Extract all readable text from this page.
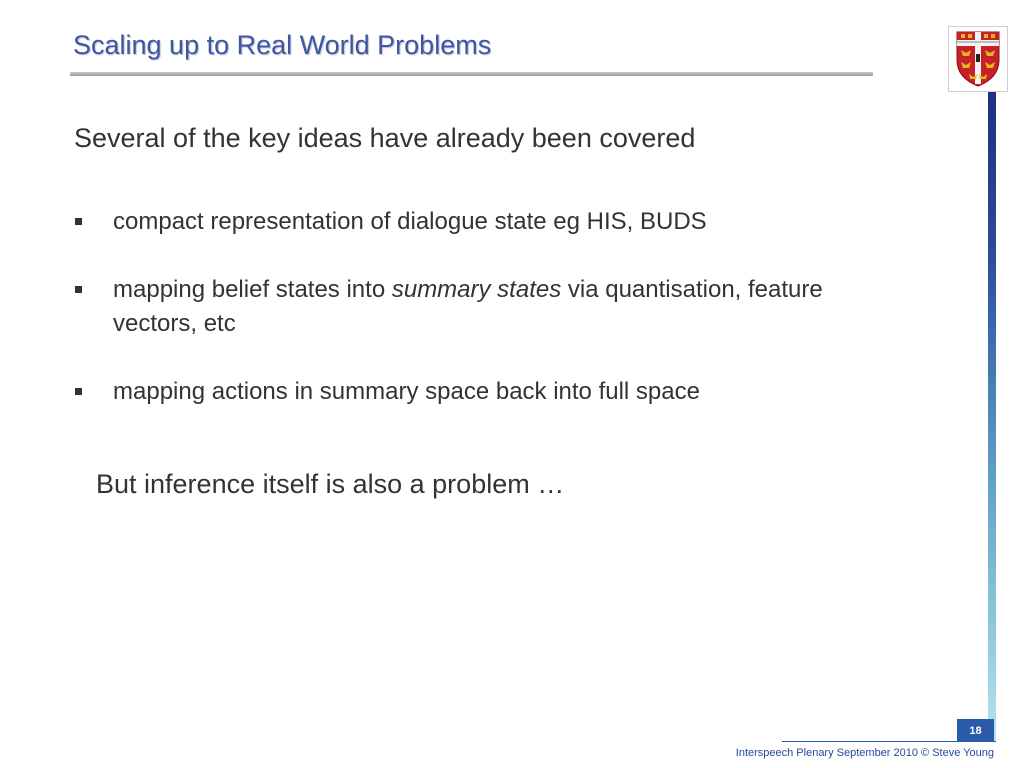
Scaling up to Real World Problems
Several of the key ideas have already been covered
compact representation of dialogue state eg HIS, BUDS
mapping belief states into summary states via quantisation, feature vectors, etc
mapping actions in summary space back into full space
But inference itself is also a problem …
18
Interspeech Plenary September 2010 © Steve Young
